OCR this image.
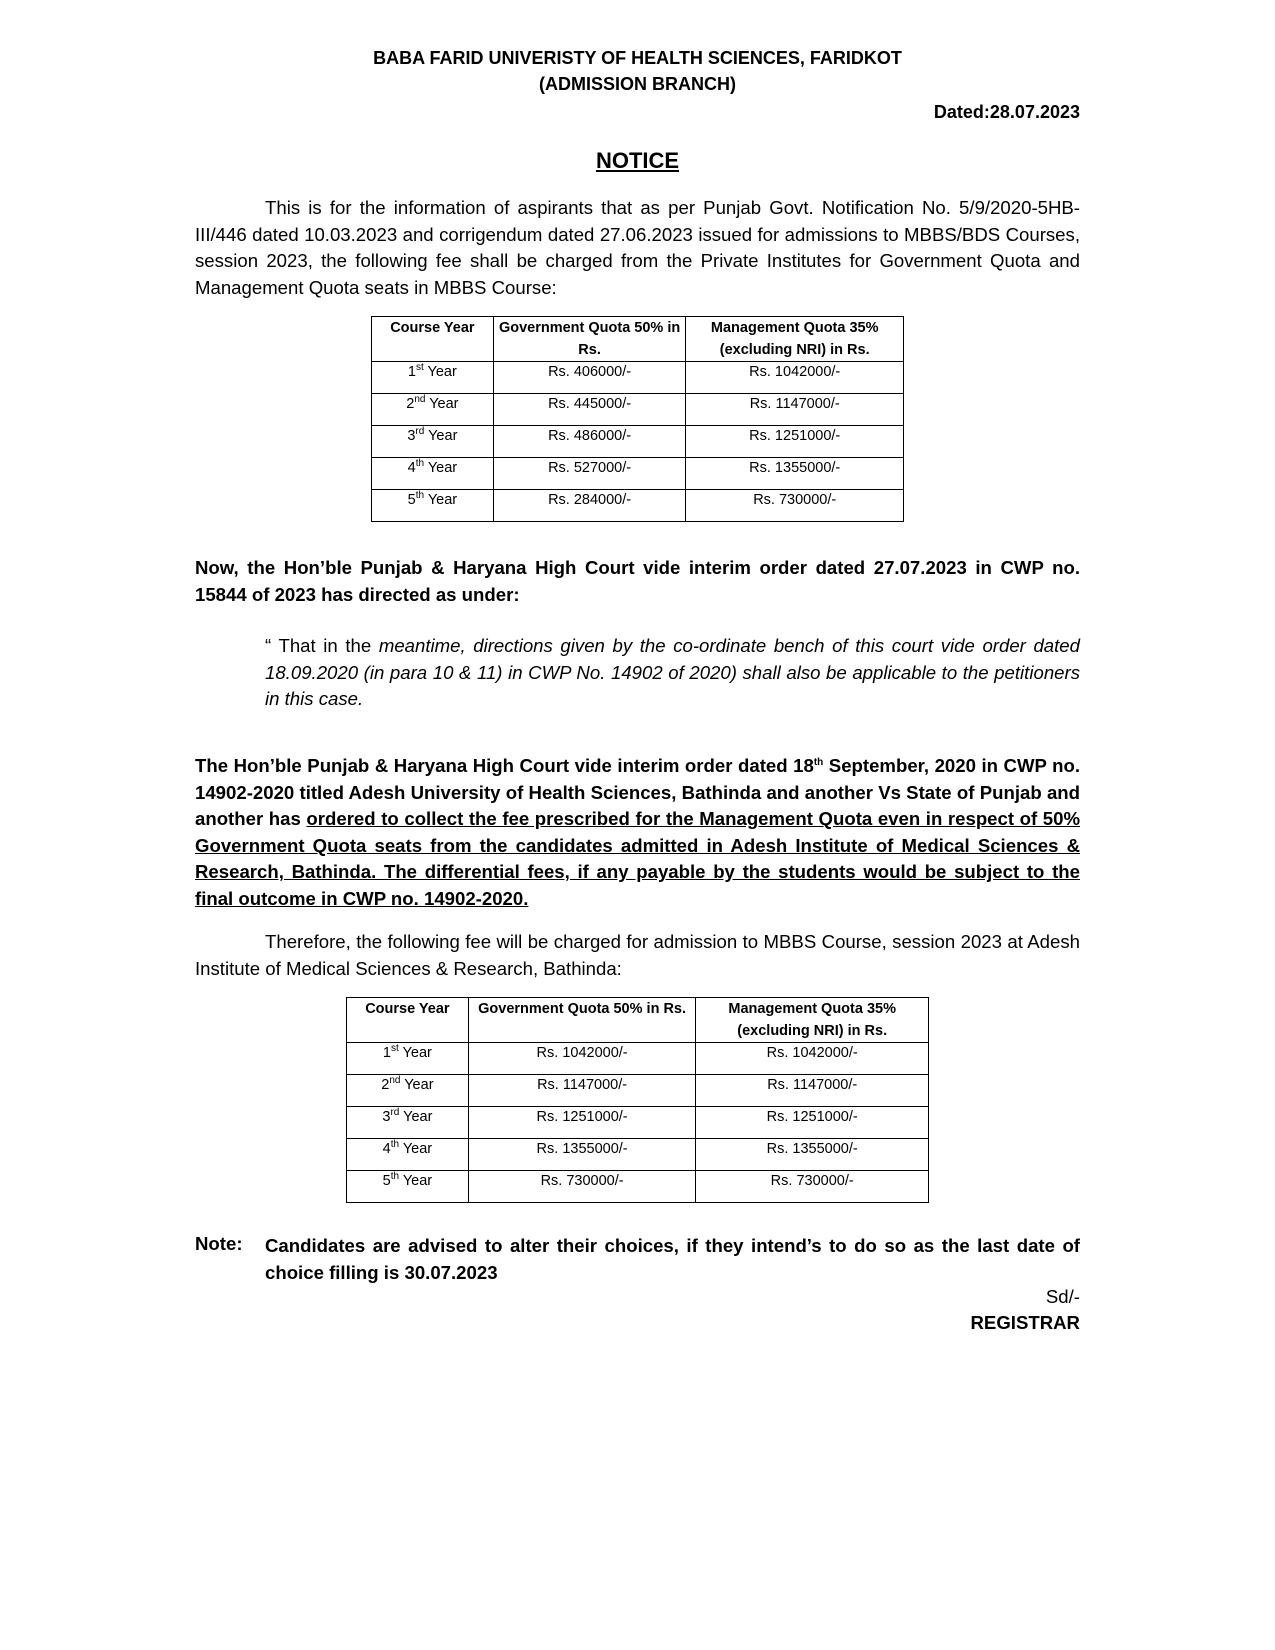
BABA FARID UNIVERISTY OF HEALTH SCIENCES, FARIDKOT
(ADMISSION BRANCH)
Dated:28.07.2023
NOTICE

This is for the information of aspirants that as per Punjab Govt. Notification No. 5/9/2020-5HB-III/446 dated 10.03.2023 and corrigendum dated 27.06.2023 issued for admissions to MBBS/BDS Courses, session 2023, the following fee shall be charged from the Private Institutes for Government Quota and Management Quota seats in MBBS Course:

Course Year	Government Quota 50% in Rs.	Management Quota 35% (excluding NRI) in Rs.
1st Year	Rs. 406000/-	Rs. 1042000/-
2nd Year	Rs. 445000/-	Rs. 1147000/-
3rd Year	Rs. 486000/-	Rs. 1251000/-
4th Year	Rs. 527000/-	Rs. 1355000/-
5th Year	Rs. 284000/-	Rs. 730000/-

Now, the Hon’ble Punjab & Haryana High Court vide interim order dated 27.07.2023 in CWP no. 15844 of 2023 has directed as under:

“ That in the meantime, directions given by the co-ordinate bench of this court vide order dated 18.09.2020 (in para 10 & 11) in CWP No. 14902 of 2020) shall also be applicable to the petitioners in this case.

The Hon’ble Punjab & Haryana High Court vide interim order dated 18th September, 2020 in CWP no. 14902-2020 titled Adesh University of Health Sciences, Bathinda and another Vs State of Punjab and another has ordered to collect the fee prescribed for the Management Quota even in respect of 50% Government Quota seats from the candidates admitted in Adesh Institute of Medical Sciences & Research, Bathinda. The differential fees, if any payable by the students would be subject to the final outcome in CWP no. 14902-2020.

Therefore, the following fee will be charged for admission to MBBS Course, session 2023 at Adesh Institute of Medical Sciences & Research, Bathinda:

Course Year	Government Quota 50% in Rs.	Management Quota 35% (excluding NRI) in Rs.
1st Year	Rs. 1042000/-	Rs. 1042000/-
2nd Year	Rs. 1147000/-	Rs. 1147000/-
3rd Year	Rs. 1251000/-	Rs. 1251000/-
4th Year	Rs. 1355000/-	Rs. 1355000/-
5th Year	Rs. 730000/-	Rs. 730000/-
Note: Candidates are advised to alter their choices, if they intend’s to do so as the last date of choice filling is 30.07.2023

Sd/-
REGISTRAR
